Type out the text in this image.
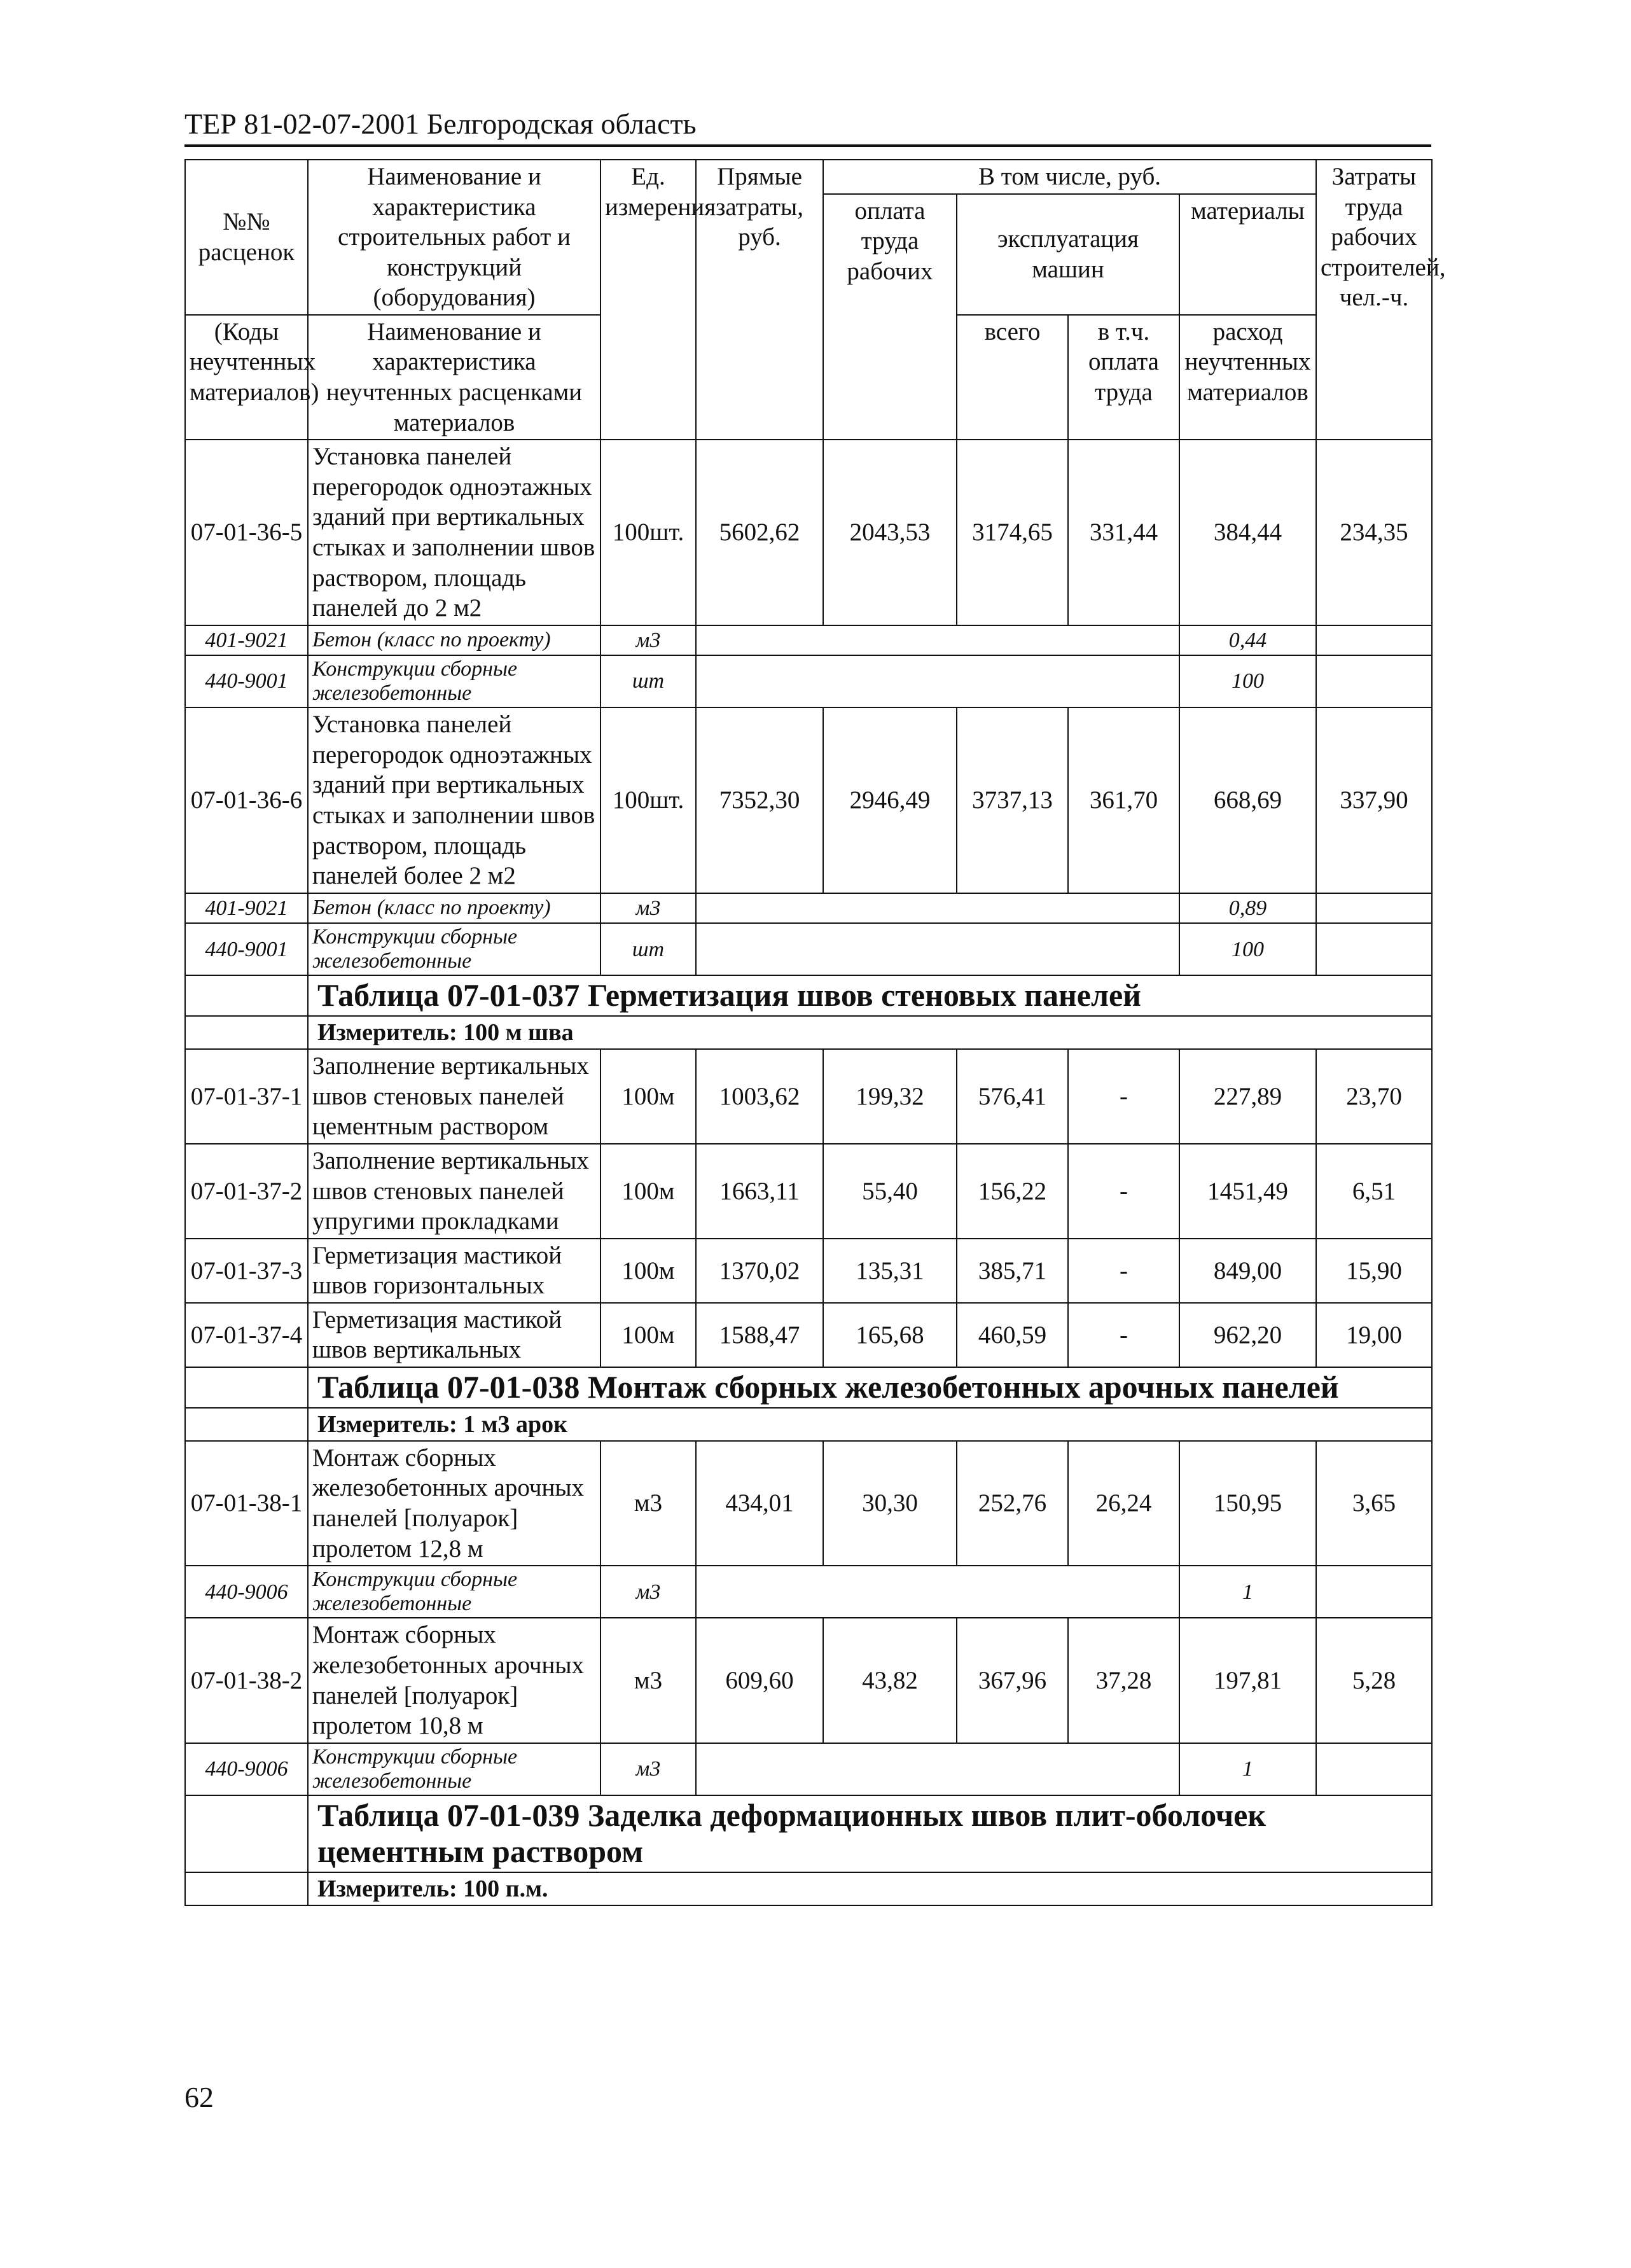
ТЕР 81-02-07-2001 Белгородская область
№№ расценок	Наименование и характеристика строительных работ и конструкций (оборудования)	Ед. измерения	Прямые затраты, руб.	В том числе, руб.				Затраты труда рабочих строителей, чел.-ч.
				оплата труда рабочих	эксплуатация машин		материалы	
(Коды неучтенных материалов)	Наименование и характеристика неучтенных расценками материалов				всего	в т.ч. оплата труда	расход неучтенных материалов	

07-01-36-5	Установка панелей перегородок одноэтажных зданий при вертикальных стыках и заполнении швов раствором, площадь панелей до 2 м2	100шт.	5602,62	2043,53	3174,65	331,44	384,44	234,35
401-9021	Бетон (класс по проекту)	м3					0,44	
440-9001	Конструкции сборные железобетонные	шт					100	
07-01-36-6	Установка панелей перегородок одноэтажных зданий при вертикальных стыках и заполнении швов раствором, площадь панелей более 2 м2	100шт.	7352,30	2946,49	3737,13	361,70	668,69	337,90
401-9021	Бетон (класс по проекту)	м3					0,89	
440-9001	Конструкции сборные железобетонные	шт					100	
	Таблица 07-01-037 Герметизация швов стеновых панелей							
	Измеритель: 100 м шва							
07-01-37-1	Заполнение вертикальных швов стеновых панелей цементным раствором	100м	1003,62	199,32	576,41	-	227,89	23,70
07-01-37-2	Заполнение вертикальных швов стеновых панелей упругими прокладками	100м	1663,11	55,40	156,22	-	1451,49	6,51
07-01-37-3	Герметизация мастикой швов горизонтальных	100м	1370,02	135,31	385,71	-	849,00	15,90
07-01-37-4	Герметизация мастикой швов вертикальных	100м	1588,47	165,68	460,59	-	962,20	19,00
	Таблица 07-01-038 Монтаж сборных железобетонных арочных панелей							
	Измеритель: 1 м3 арок							
07-01-38-1	Монтаж сборных железобетонных арочных панелей [полуарок] пролетом 12,8 м	м3	434,01	30,30	252,76	26,24	150,95	3,65
440-9006	Конструкции сборные железобетонные	м3					1	
07-01-38-2	Монтаж сборных железобетонных арочных панелей [полуарок] пролетом 10,8 м	м3	609,60	43,82	367,96	37,28	197,81	5,28
440-9006	Конструкции сборные железобетонные	м3					1	
	Таблица 07-01-039 Заделка деформационных швов плит-оболочек цементным раствором							
	Измеритель: 100 п.м.							
62
